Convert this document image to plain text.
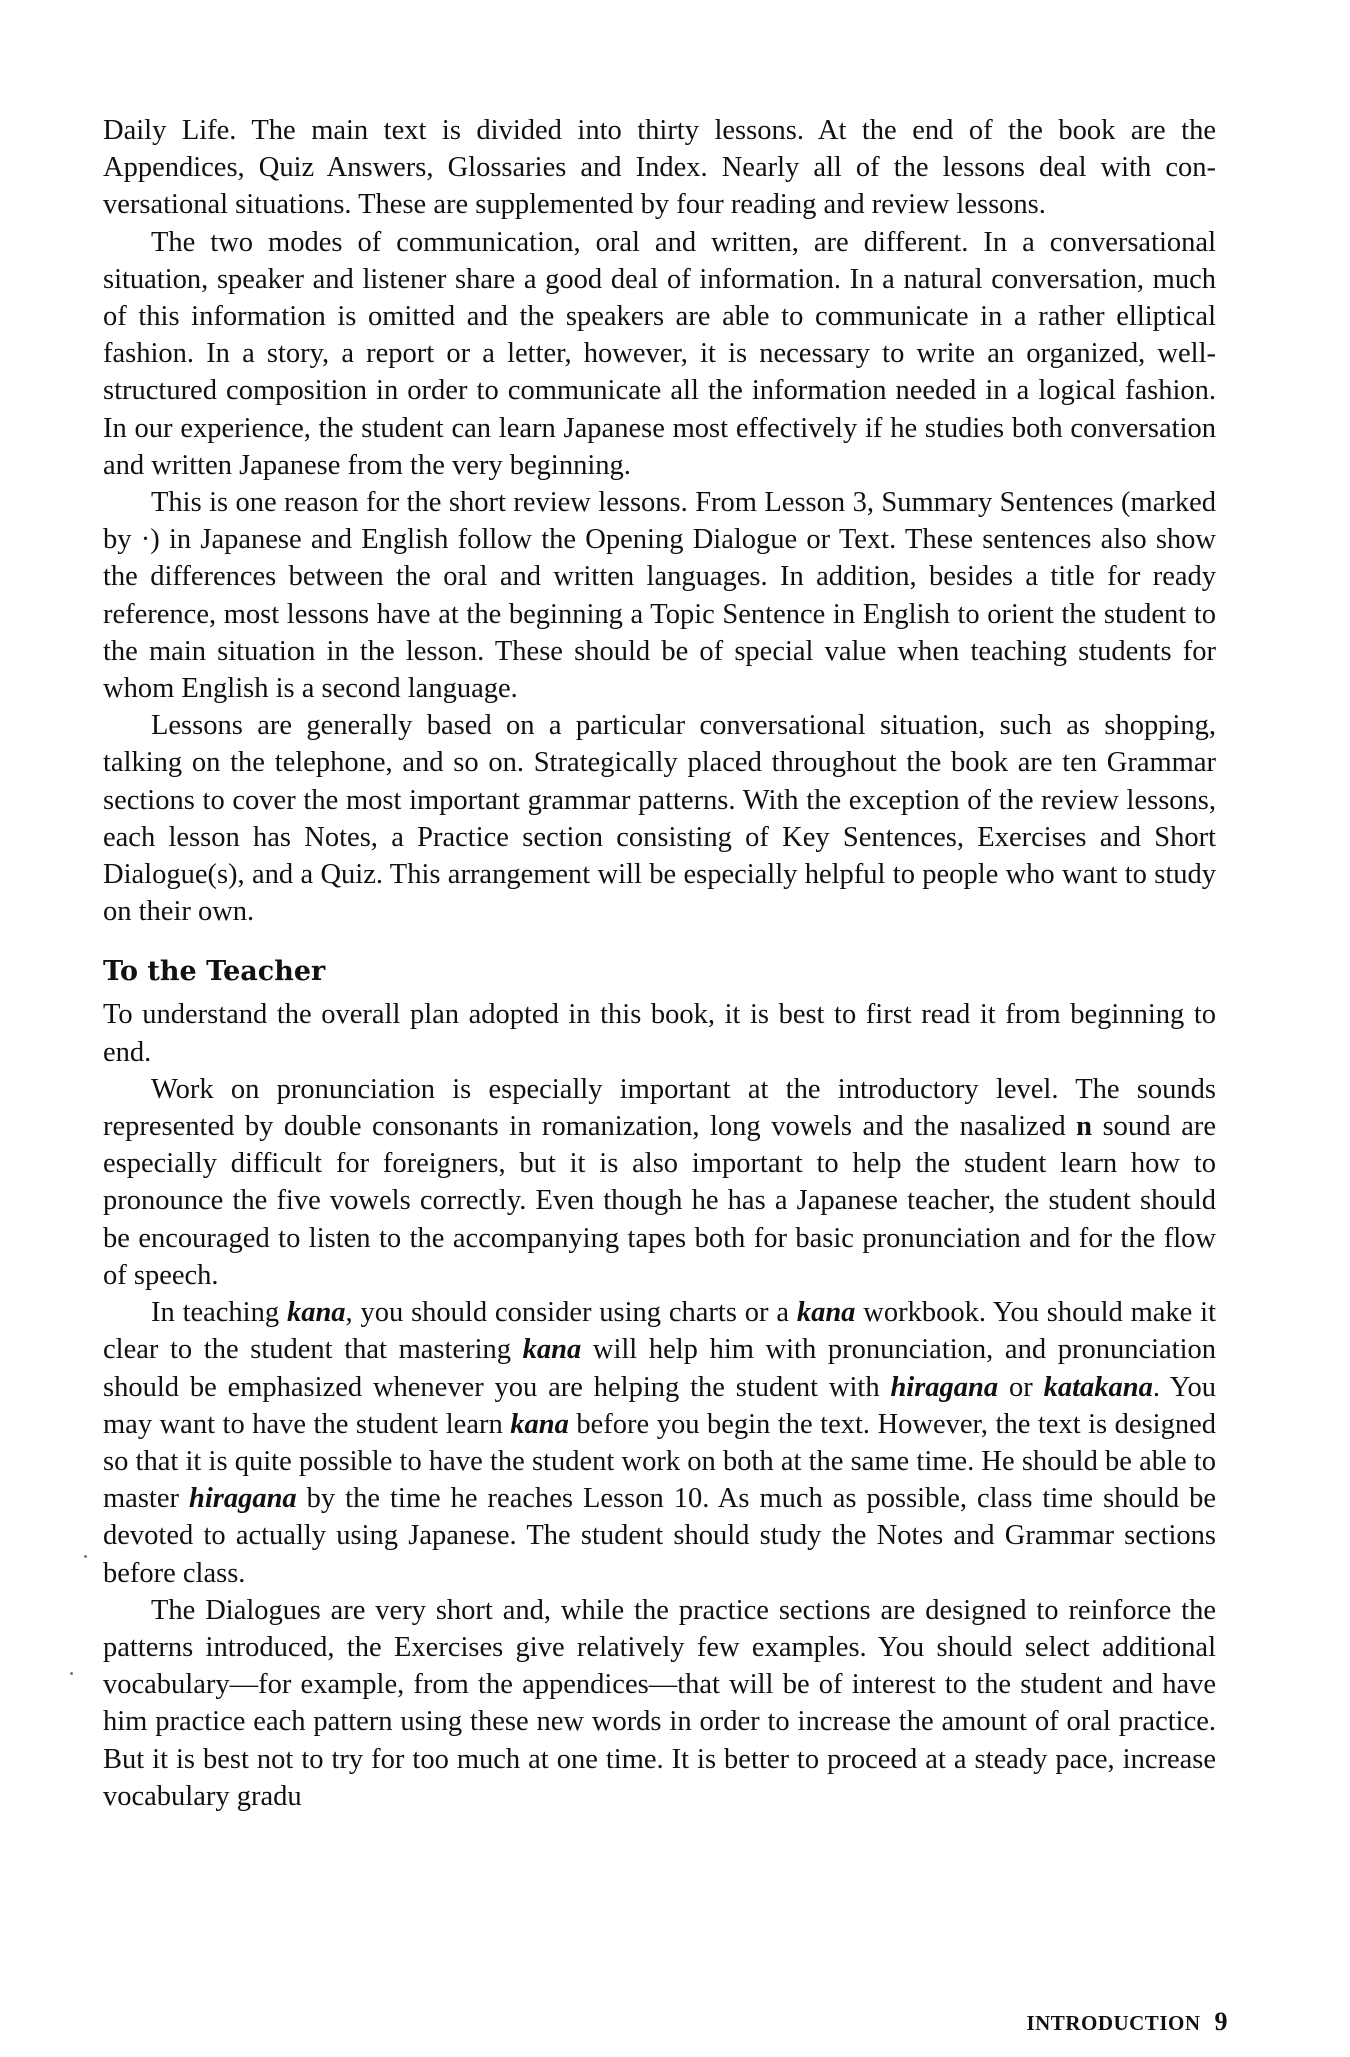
Daily Life. The main text is divided into thirty lessons. At the end of the book are the Appendices, Quiz Answers, Glossaries and Index. Nearly all of the lessons deal with conversational situations. These are supplemented by four reading and review lessons.

The two modes of communication, oral and written, are different. In a conversational situation, speaker and listener share a good deal of information. In a natural conversation, much of this information is omitted and the speakers are able to communicate in a rather elliptical fashion. In a story, a report or a letter, however, it is necessary to write an organized, well-structured composition in order to communicate all the information needed in a logical fashion. In our experience, the student can learn Japanese most effectively if he studies both conversation and written Japanese from the very beginning.

This is one reason for the short review lessons. From Lesson 3, Summary Sentences (marked by ·) in Japanese and English follow the Opening Dialogue or Text. These sentences also show the differences between the oral and written languages. In addition, besides a title for ready reference, most lessons have at the beginning a Topic Sentence in English to orient the student to the main situation in the lesson. These should be of special value when teaching students for whom English is a second language.

Lessons are generally based on a particular conversational situation, such as shopping, talking on the telephone, and so on. Strategically placed throughout the book are ten Grammar sections to cover the most important grammar patterns. With the exception of the review lessons, each lesson has Notes, a Practice section consisting of Key Sentences, Exercises and Short Dialogue(s), and a Quiz. This arrangement will be especially helpful to people who want to study on their own.

To the Teacher

To understand the overall plan adopted in this book, it is best to first read it from beginning to end.

Work on pronunciation is especially important at the introductory level. The sounds represented by double consonants in romanization, long vowels and the nasalized n sound are especially difficult for foreigners, but it is also important to help the student learn how to pronounce the five vowels correctly. Even though he has a Japanese teacher, the student should be encouraged to listen to the accompanying tapes both for basic pronunciation and for the flow of speech.

In teaching kana, you should consider using charts or a kana workbook. You should make it clear to the student that mastering kana will help him with pronunciation, and pronunciation should be emphasized whenever you are helping the student with hiragana or katakana. You may want to have the student learn kana before you begin the text. However, the text is designed so that it is quite possible to have the student work on both at the same time. He should be able to master hiragana by the time he reaches Lesson 10. As much as possible, class time should be devoted to actually using Japanese. The student should study the Notes and Grammar sections before class.

The Dialogues are very short and, while the practice sections are designed to reinforce the patterns introduced, the Exercises give relatively few examples. You should select additional vocabulary—for example, from the appendices—that will be of interest to the student and have him practice each pattern using these new words in order to increase the amount of oral practice. But it is best not to try for too much at one time. It is better to proceed at a steady pace, increase vocabulary gradu

INTRODUCTION 9
